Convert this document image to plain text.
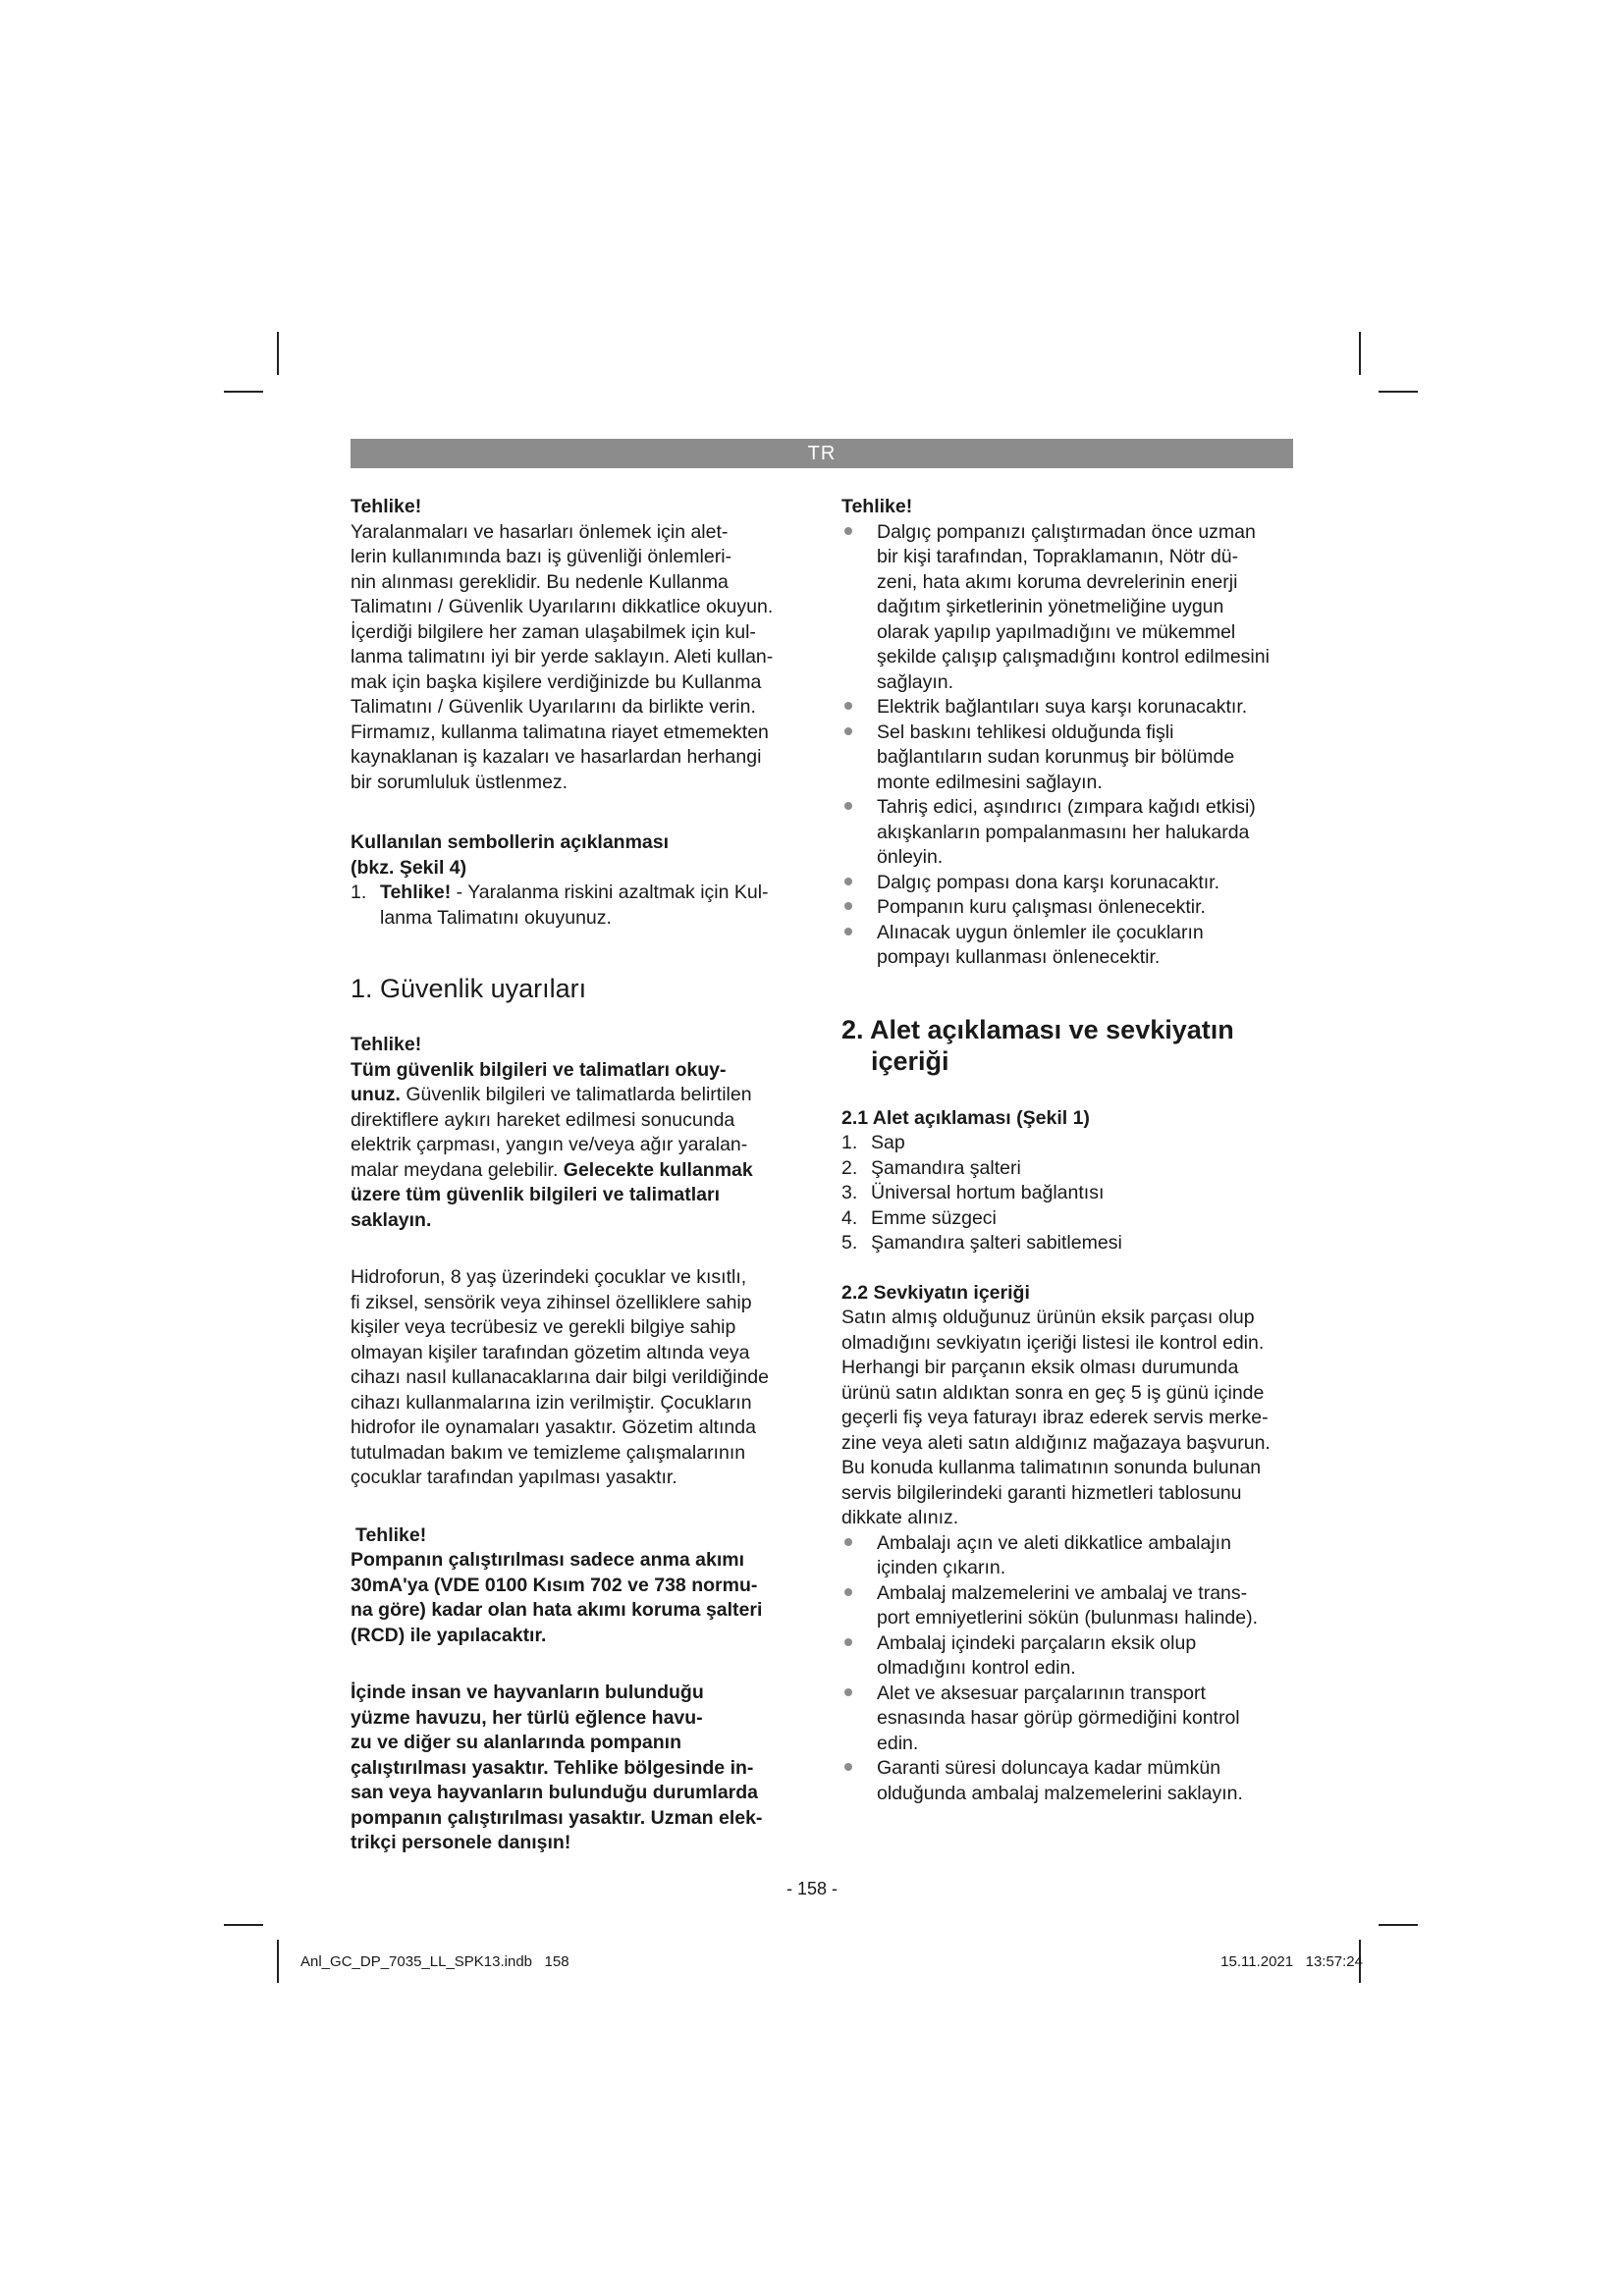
TR

Tehlike!

Yaralanmaları ve hasarları önlemek için alet-

lerin kullanımında bazı iş güvenliği önlemleri-

nin alınması gereklidir. Bu nedenle Kullanma

Talimatını / Güvenlik Uyarılarını dikkatlice okuyun.

İçerdiği bilgilere her zaman ulaşabilmek için kul-

lanma talimatını iyi bir yerde saklayın. Aleti kullan-

mak için başka kişilere verdiğinizde bu Kullanma

Talimatını / Güvenlik Uyarılarını da birlikte verin.

Firmamız, kullanma talimatına riayet etmemekten

kaynaklanan iş kazaları ve hasarlardan herhangi

bir sorumluluk üstlenmez.

Kullanılan sembollerin açıklanması

(bkz. Şekil 4)

1. Tehlike! - Yaralanma riskini azaltmak için Kul-
lanma Talimatını okuyunuz.
1. Güvenlik uyarıları

Tehlike!

Tüm güvenlik bilgileri ve talimatları okuy-

unuz. Güvenlik bilgileri ve talimatlarda belirtilen

direktiflere aykırı hareket edilmesi sonucunda

elektrik çarpması, yangın ve/veya ağır yaralan-

malar meydana gelebilir. Gelecekte kullanmak

üzere tüm güvenlik bilgileri ve talimatları

saklayın.

Hidroforun, 8 yaş üzerindeki çocuklar ve kısıtlı,

fi ziksel, sensörik veya zihinsel özelliklere sahip

kişiler veya tecrübesiz ve gerekli bilgiye sahip

olmayan kişiler tarafından gözetim altında veya

cihazı nasıl kullanacaklarına dair bilgi verildiğinde

cihazı kullanmalarına izin verilmiştir. Çocukların

hidrofor ile oynamaları yasaktır. Gözetim altında

tutulmadan bakım ve temizleme çalışmalarının

çocuklar tarafından yapılması yasaktır.

Tehlike!

Pompanın çalıştırılması sadece anma akımı

30mA'ya (VDE 0100 Kısım 702 ve 738 normu-

na göre) kadar olan hata akımı koruma şalteri

(RCD) ile yapılacaktır.

İçinde insan ve hayvanların bulunduğu

yüzme havuzu, her türlü eğlence havu-

zu ve diğer su alanlarında pompanın

çalıştırılması yasaktır. Tehlike bölgesinde in-

san veya hayvanların bulunduğu durumlarda

pompanın çalıştırılması yasaktır. Uzman elek-

trikçi personele danışın!

Tehlike!

Dalgıç pompanızı çalıştırmadan önce uzman
bir kişi tarafından, Topraklamanın, Nötr dü-
zeni, hata akımı koruma devrelerinin enerji
dağıtım şirketlerinin yönetmeliğine uygun
olarak yapılıp yapılmadığını ve mükemmel
şekilde çalışıp çalışmadığını kontrol edilmesini
sağlayın.
Elektrik bağlantıları suya karşı korunacaktır.
Sel baskını tehlikesi olduğunda fişli
bağlantıların sudan korunmuş bir bölümde
monte edilmesini sağlayın.
Tahriş edici, aşındırıcı (zımpara kağıdı etkisi)
akışkanların pompalanmasını her halukarda
önleyin.
Dalgıç pompası dona karşı korunacaktır.
Pompanın kuru çalışması önlenecektir.
Alınacak uygun önlemler ile çocukların
pompayı kullanması önlenecektir.
2. Alet açıklaması ve sevkiyatın
içeriği

2.1 Alet açıklaması (Şekil 1)

1. Sap
2. Şamandıra şalteri
3. Üniversal hortum bağlantısı
4. Emme süzgeci
5. Şamandıra şalteri sabitlemesi

2.2 Sevkiyatın içeriği

Satın almış olduğunuz ürünün eksik parçası olup

olmadığını sevkiyatın içeriği listesi ile kontrol edin.

Herhangi bir parçanın eksik olması durumunda

ürünü satın aldıktan sonra en geç 5 iş günü içinde

geçerli fiş veya faturayı ibraz ederek servis merke-

zine veya aleti satın aldığınız mağazaya başvurun.

Bu konuda kullanma talimatının sonunda bulunan

servis bilgilerindeki garanti hizmetleri tablosunu

dikkate alınız.

Ambalajı açın ve aleti dikkatlice ambalajın
içinden çıkarın.
Ambalaj malzemelerini ve ambalaj ve trans-
port emniyetlerini sökün (bulunması halinde).
Ambalaj içindeki parçaların eksik olup
olmadığını kontrol edin.
Alet ve aksesuar parçalarının transport
esnasında hasar görüp görmediğini kontrol
edin.
Garanti süresi doluncaya kadar mümkün
olduğunda ambalaj malzemelerini saklayın.
- 158 -
Anl_GC_DP_7035_LL_SPK13.indb   158	15.11.2021   13:57:24
